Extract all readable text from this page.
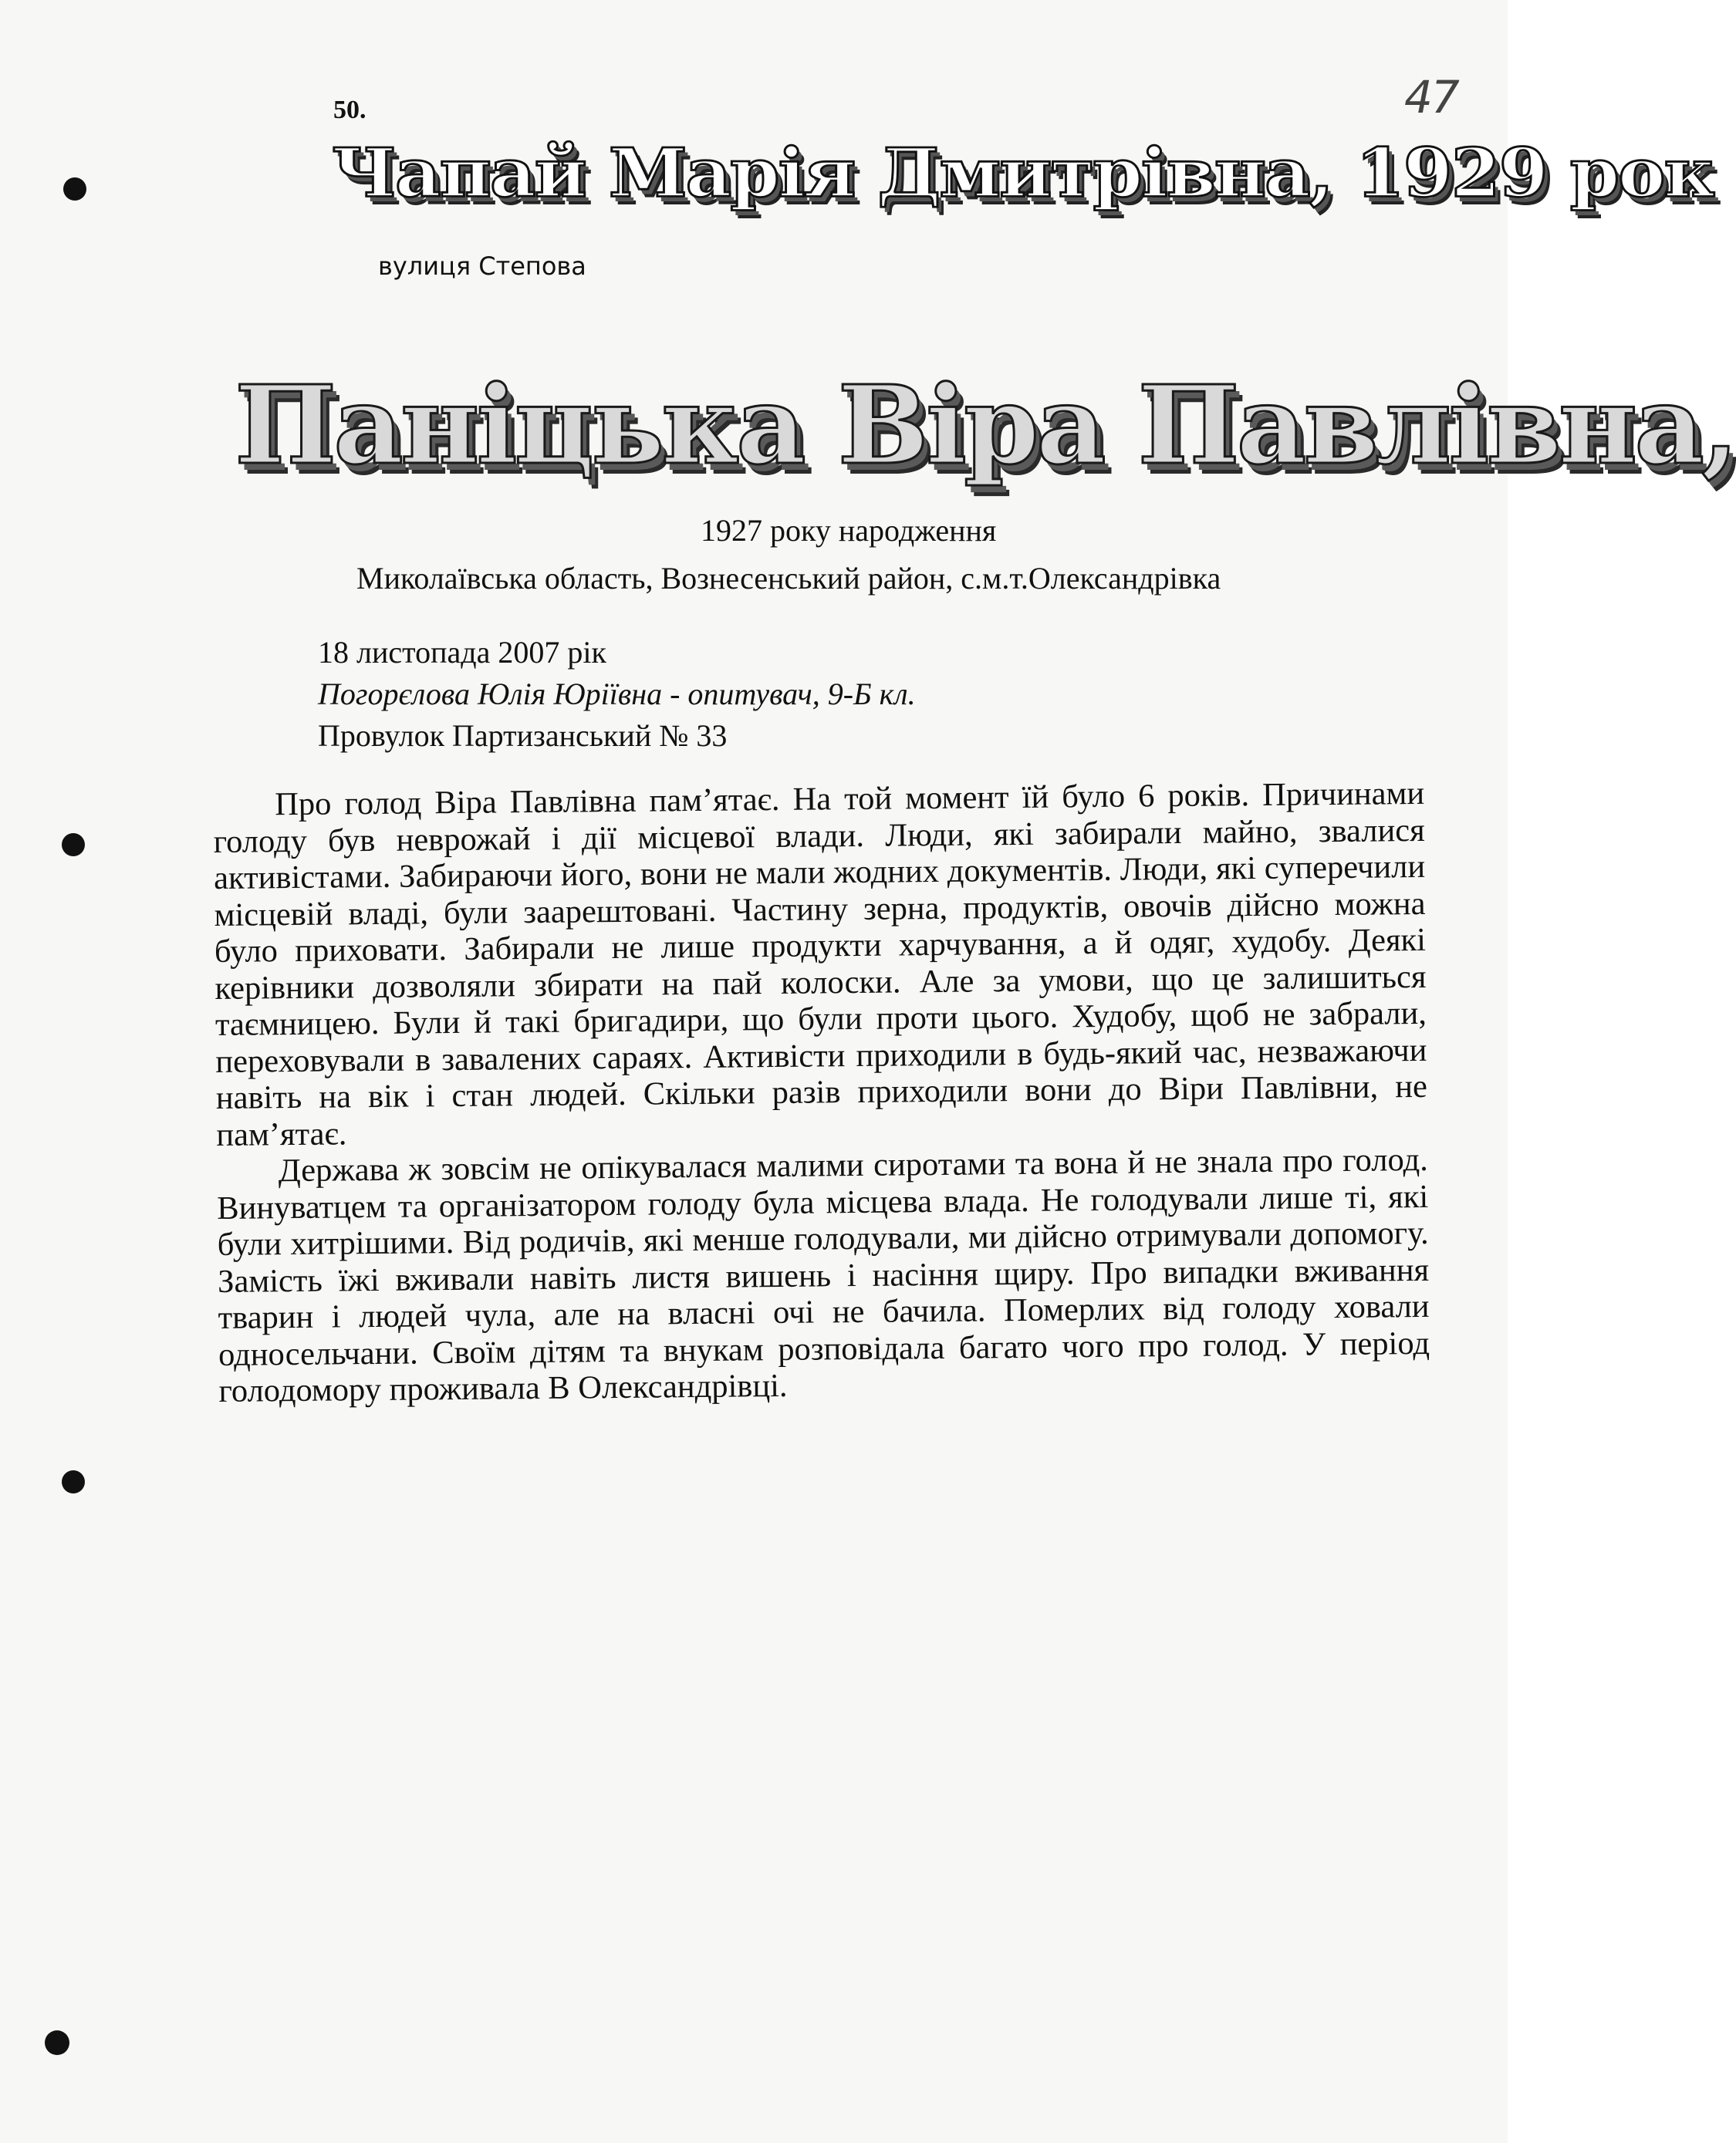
47
50.
Чапай Марія Дмитрівна, 1929 рок
вулиця Степова
Паніцька Віра Павлівна,
1927 року народження
Миколаївська область, Вознесенський район, с.м.т.Олександрівка
18 листопада 2007 рік
Погорєлова Юлія Юріївна - опитувач, 9-Б кл.
Провулок Партизанський № 33

Про голод Віра Павлівна пам’ятає. На той момент їй було 6 років. Причинами голоду був неврожай і дії місцевої влади. Люди, які забирали майно, звалися активістами. Забираючи його, вони не мали жодних документів. Люди, які суперечили місцевій владі, були заарештовані. Частину зерна, продуктів, овочів дійсно можна було приховати. Забирали не лише продукти харчування, а й одяг, худобу. Деякі керівники дозволяли збирати на пай колоски. Але за умови, що це залишиться таємницею. Були й такі бригадири, що були проти цього. Худобу, щоб не забрали, переховували в завалених сараях. Активісти приходили в будь-який час, незважаючи навіть на вік і стан людей. Скільки разів приходили вони до Віри Павлівни, не пам’ятає.

Держава ж зовсім не опікувалася малими сиротами та вона й не знала про голод. Винуватцем та організатором голоду була місцева влада. Не голодували лише ті, які були хитрішими. Від родичів, які менше голодували, ми дійсно отримували допомогу. Замість їжі вживали навіть листя вишень і насіння щиру. Про випадки вживання тварин і людей чула, але на власні очі не бачила. Померлих від голоду ховали односельчани. Своїм дітям та внукам розповідала багато чого про голод. У період голодомору проживала В Олександрівці.
